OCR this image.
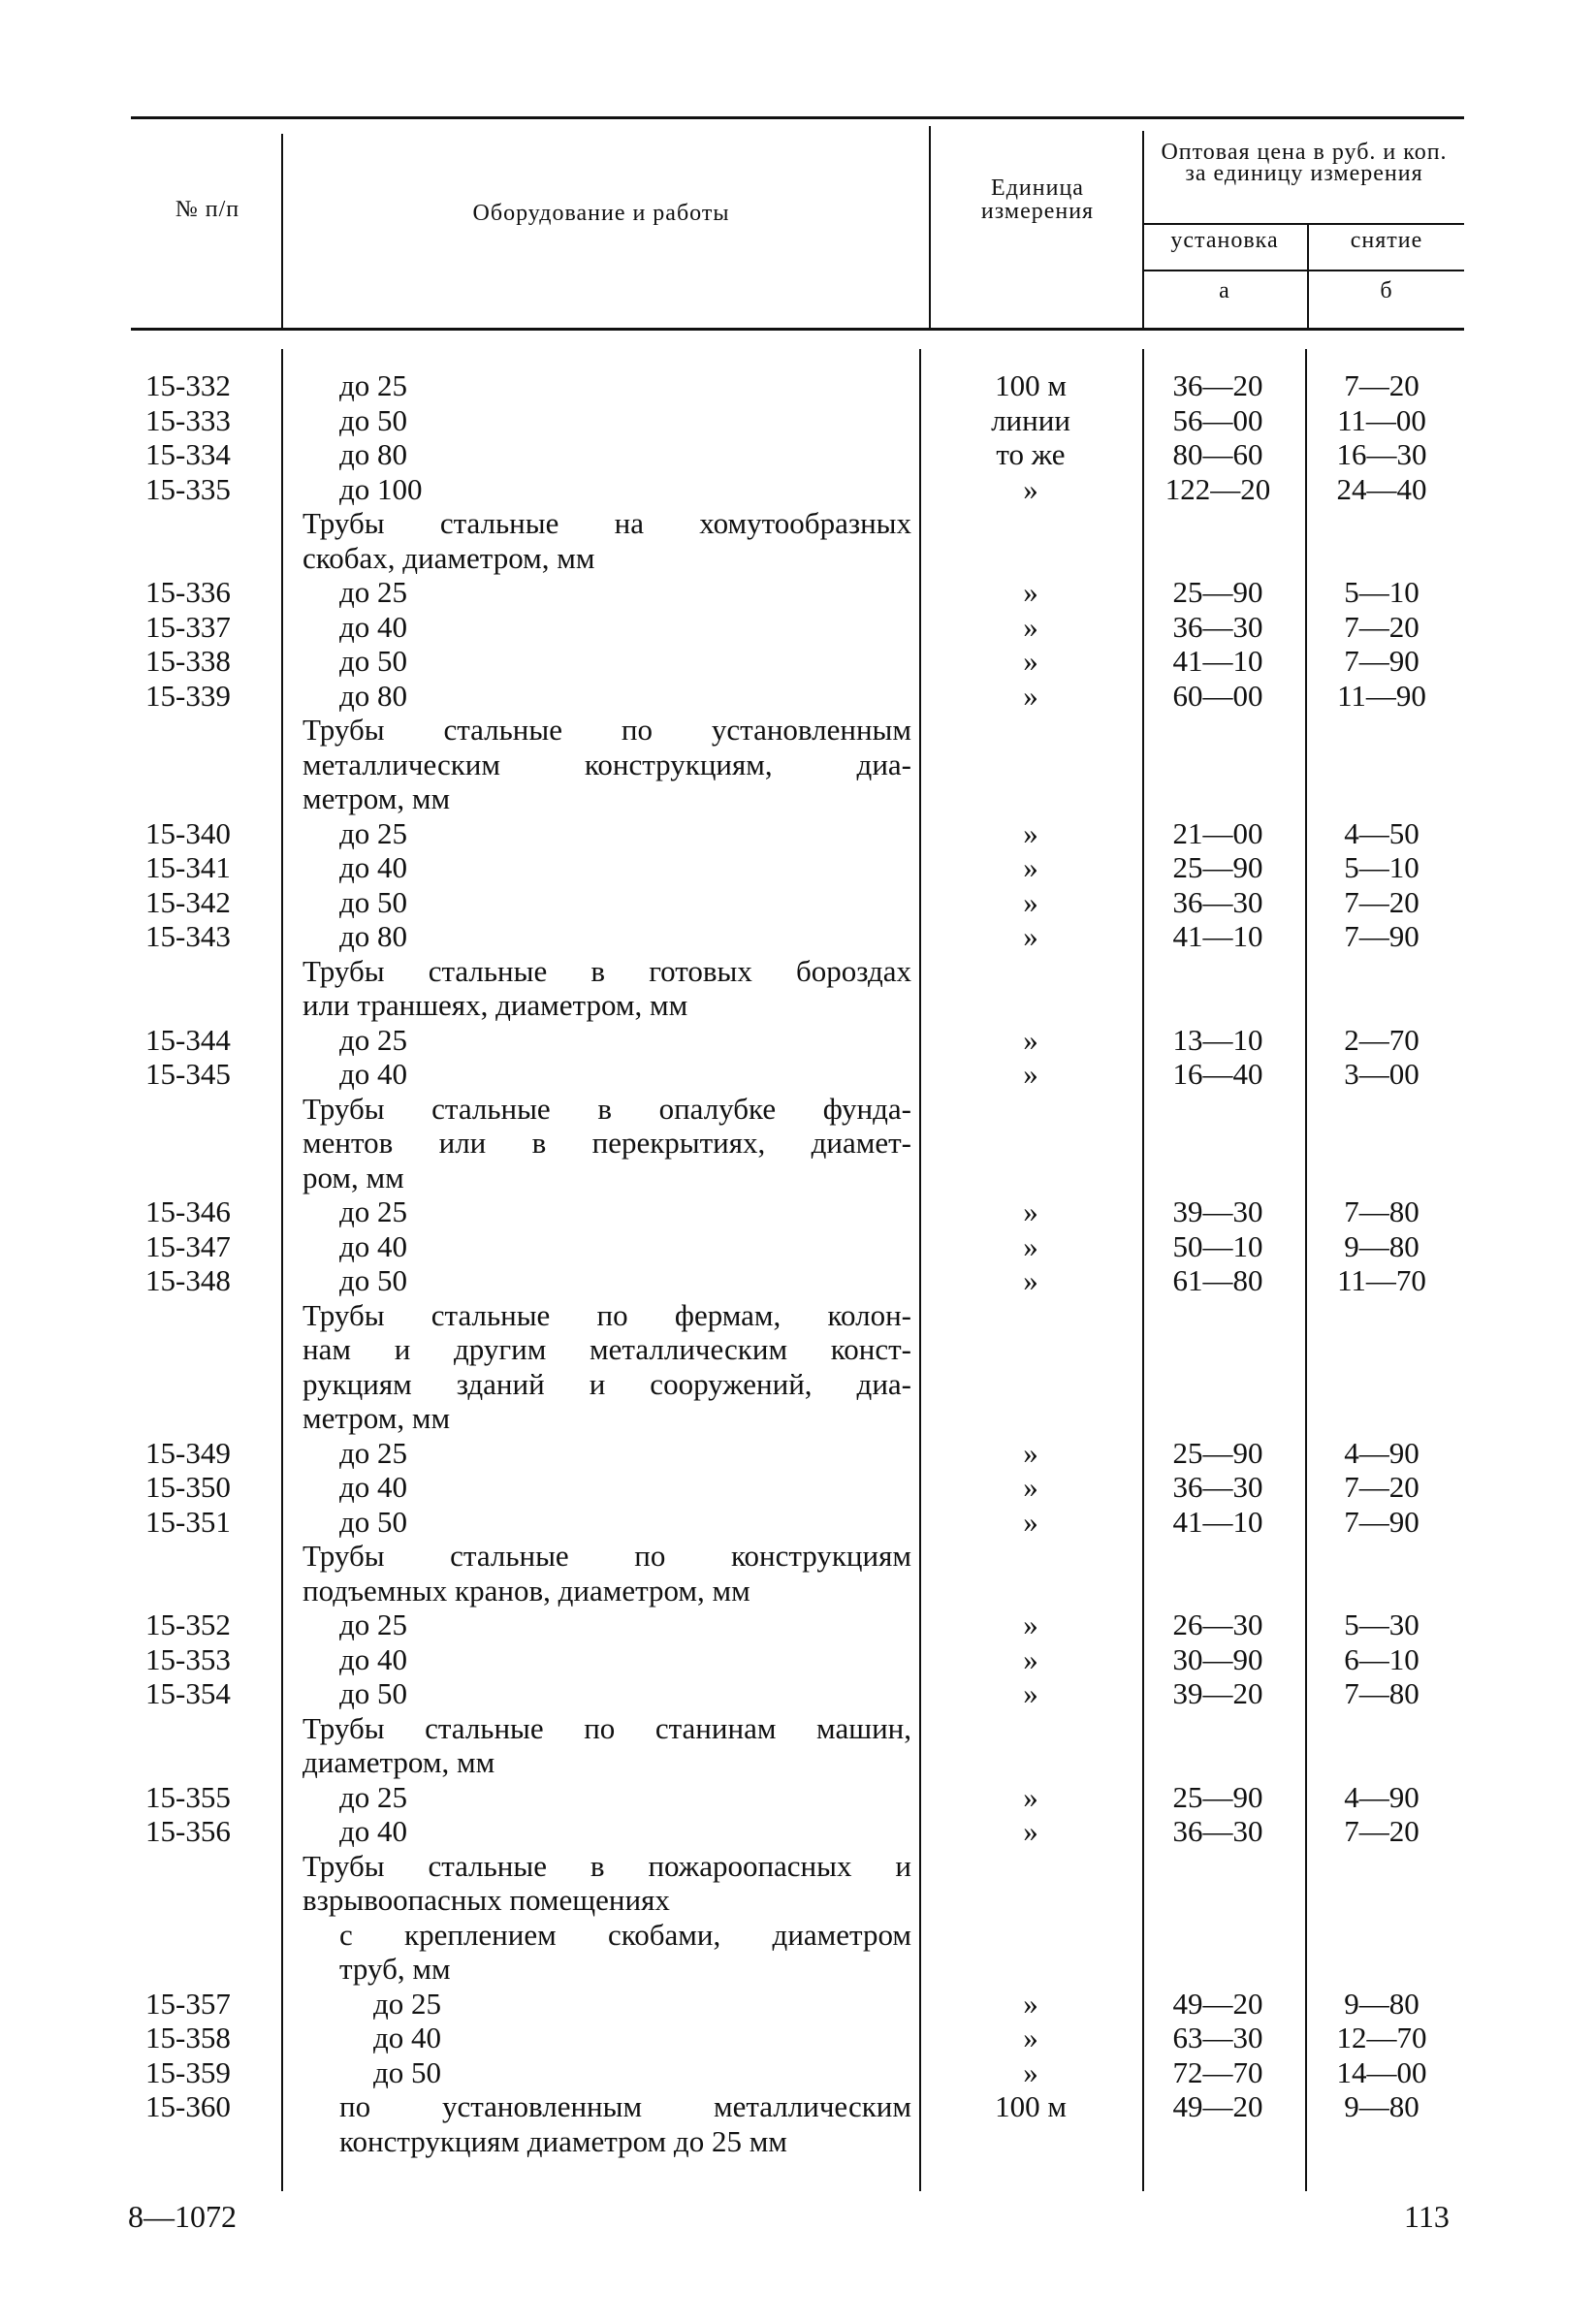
№ п/п	Оборудование и работы
Единица измерения
Оптовая цена в руб. и коп. за единицу измерения
установка	снятие
а	б
15-332	до 25	100 м	36—20	7—20
15-333	до 50	линии	56—00	11—00
15-334	до 80	то же	80—60	16—30
15-335	до 100	»	122—20	24—40
Трубы стальные на хомутообразных
скобах, диаметром, мм
15-336	до 25	»	25—90	5—10
15-337	до 40	»	36—30	7—20
15-338	до 50	»	41—10	7—90
15-339	до 80	»	60—00	11—90
Трубы стальные по установленным
металлическим конструкциям, диа-
метром, мм
15-340	до 25	»	21—00	4—50
15-341	до 40	»	25—90	5—10
15-342	до 50	»	36—30	7—20
15-343	до 80	»	41—10	7—90
Трубы стальные в готовых бороздах
или траншеях, диаметром, мм
15-344	до 25	»	13—10	2—70
15-345	до 40	»	16—40	3—00
Трубы стальные в опалубке фунда-
ментов или в перекрытиях, диамет-
ром, мм
15-346	до 25	»	39—30	7—80
15-347	до 40	»	50—10	9—80
15-348	до 50	»	61—80	11—70
Трубы стальные по фермам, колон-
нам и другим металлическим конст-
рукциям зданий и сооружений, диа-
метром, мм
15-349	до 25	»	25—90	4—90
15-350	до 40	»	36—30	7—20
15-351	до 50	»	41—10	7—90
Трубы стальные по конструкциям
подъемных кранов, диаметром, мм
15-352	до 25	»	26—30	5—30
15-353	до 40	»	30—90	6—10
15-354	до 50	»	39—20	7—80
Трубы стальные по станинам машин,
диаметром, мм
15-355	до 25	»	25—90	4—90
15-356	до 40	»	36—30	7—20
Трубы стальные в пожароопасных и
взрывоопасных помещениях
с креплением скобами, диаметром
труб, мм
15-357	до 25	»	49—20	9—80
15-358	до 40	»	63—30	12—70
15-359	до 50	»	72—70	14—00
15-360	по установленным металлическим	100 м	49—20	9—80
конструкциям диаметром до 25 мм
8—1072	113
